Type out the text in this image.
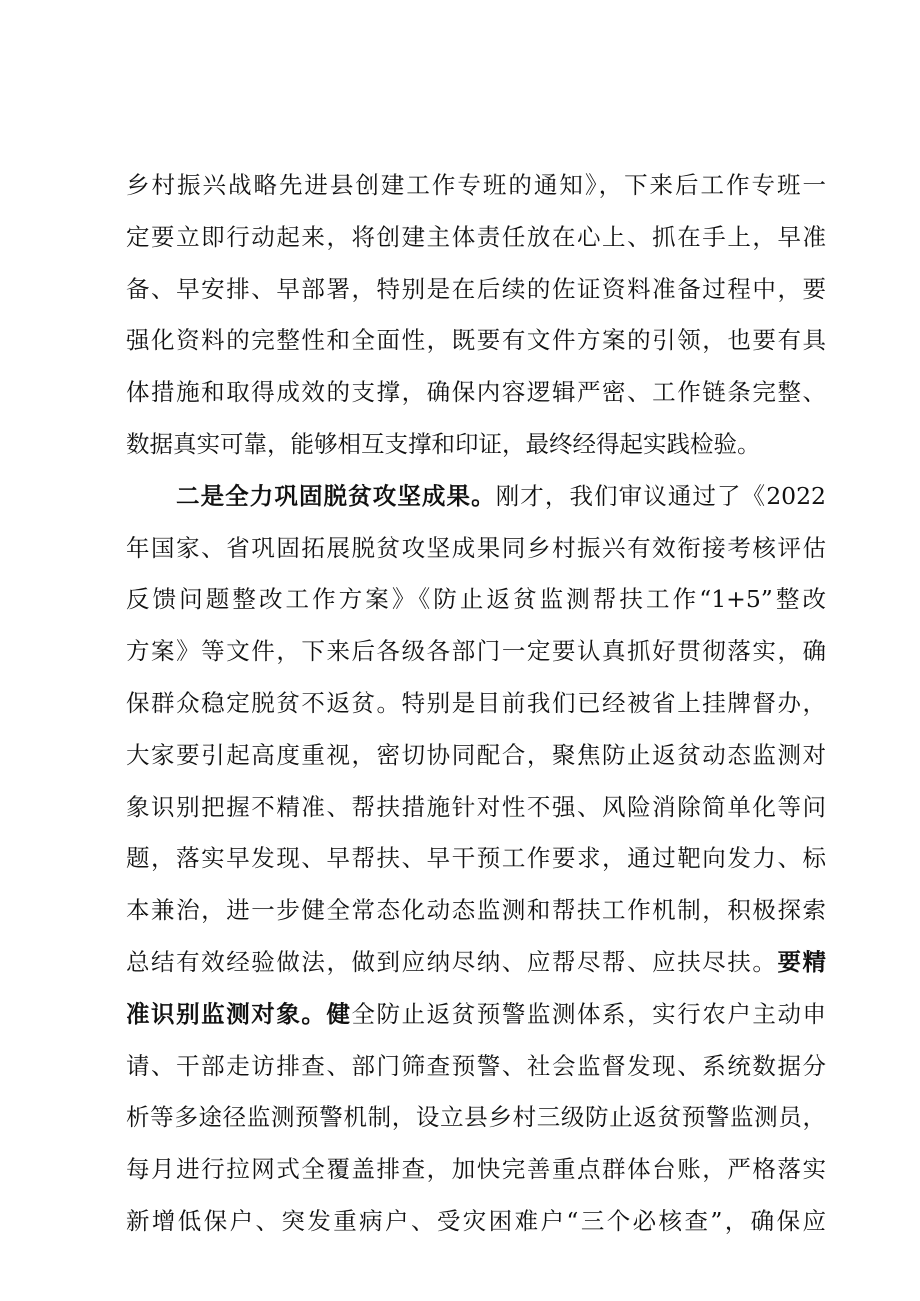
乡村振兴战略先进县创建工作专班的通知》，下来后工作专班一
定要立即行动起来，将创建主体责任放在心上、抓在手上，早准
备、早安排、早部署，特别是在后续的佐证资料准备过程中，要
强化资料的完整性和全面性，既要有文件方案的引领，也要有具
体措施和取得成效的支撑，确保内容逻辑严密、工作链条完整、
数据真实可靠，能够相互支撑和印证，最终经得起实践检验。
二是全力巩固脱贫攻坚成果。刚才，我们审议通过了《2022
年国家、省巩固拓展脱贫攻坚成果同乡村振兴有效衔接考核评估
反馈问题整改工作方案》《防止返贫监测帮扶工作“1+5”整改
方案》等文件，下来后各级各部门一定要认真抓好贯彻落实，确
保群众稳定脱贫不返贫。特别是目前我们已经被省上挂牌督办，
大家要引起高度重视，密切协同配合，聚焦防止返贫动态监测对
象识别把握不精准、帮扶措施针对性不强、风险消除简单化等问
题，落实早发现、早帮扶、早干预工作要求，通过靶向发力、标
本兼治，进一步健全常态化动态监测和帮扶工作机制，积极探索
总结有效经验做法，做到应纳尽纳、应帮尽帮、应扶尽扶。要精
准识别监测对象。健全防止返贫预警监测体系，实行农户主动申
请、干部走访排查、部门筛查预警、社会监督发现、系统数据分
析等多途径监测预警机制，设立县乡村三级防止返贫预警监测员，
每月进行拉网式全覆盖排查，加快完善重点群体台账，严格落实
新增低保户、突发重病户、受灾困难户“三个必核查”，确保应
